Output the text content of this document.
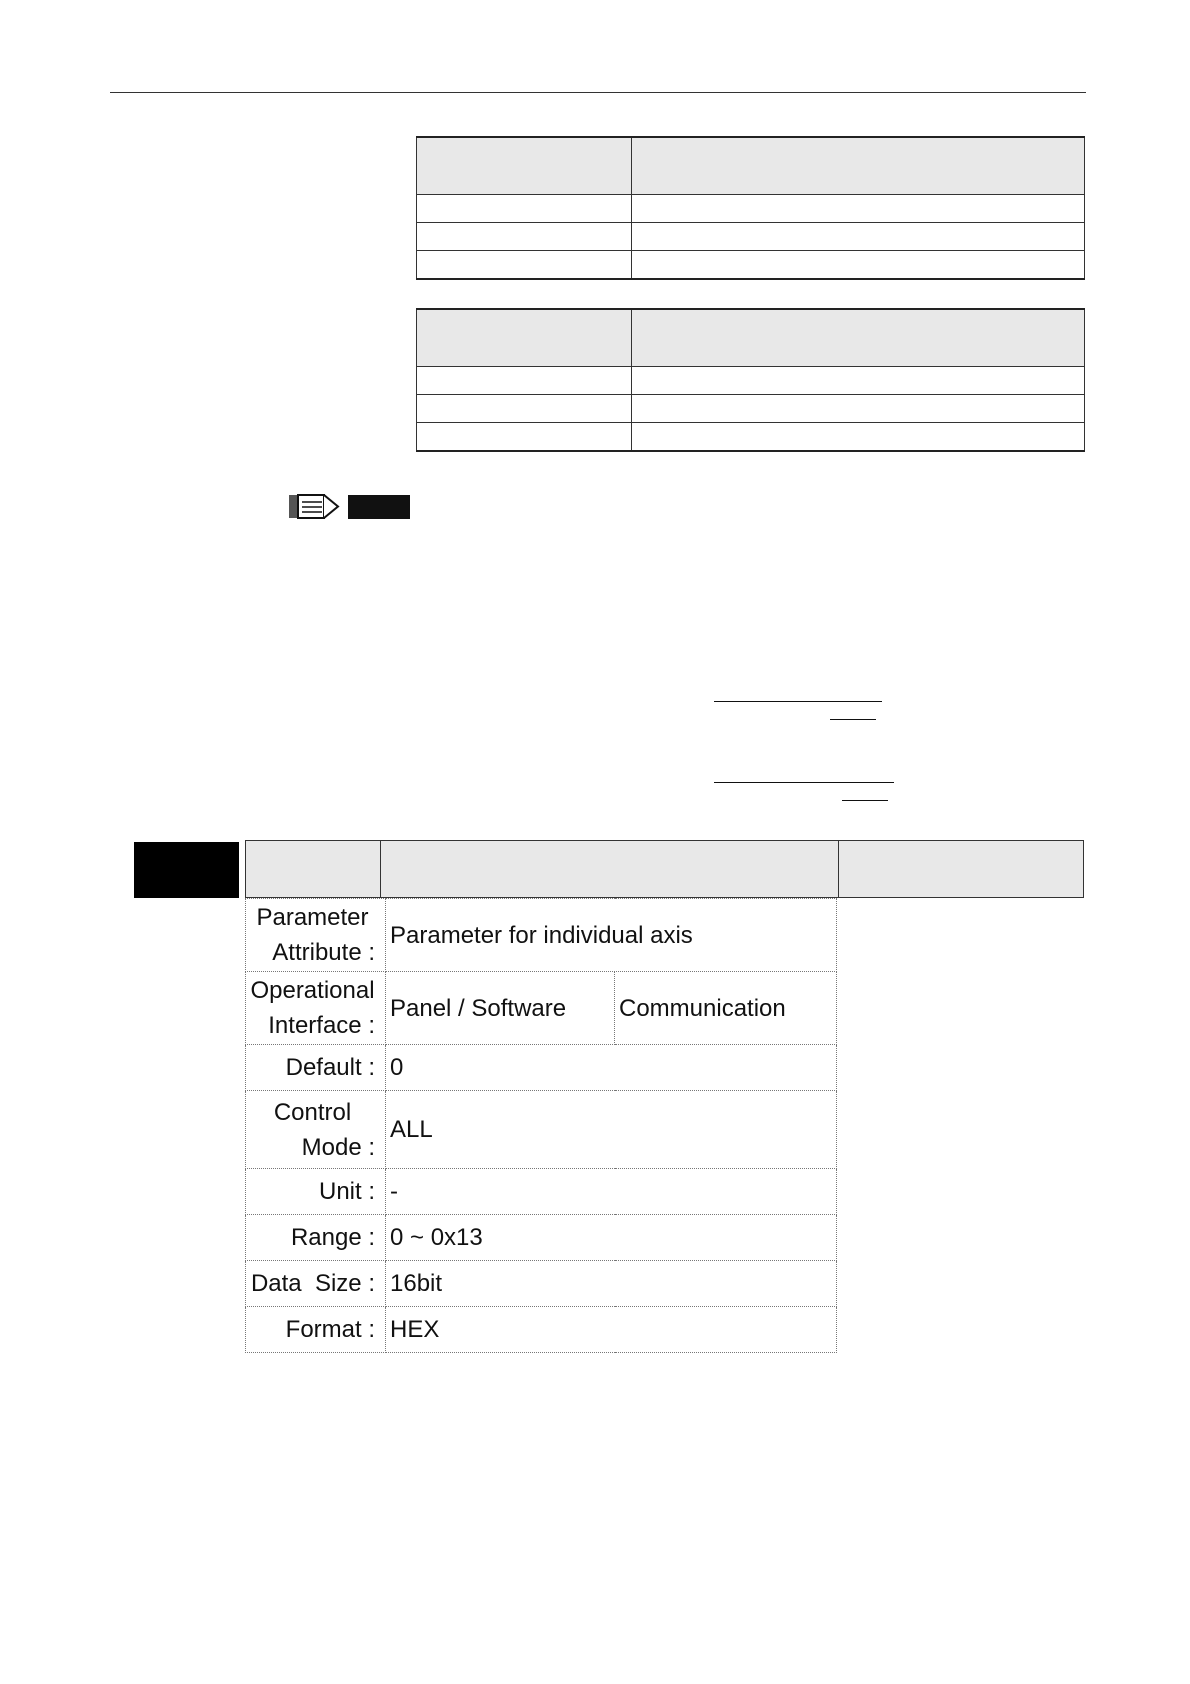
Parameter
Attribute :	Parameter for individual axis	

Operational
Interface :	Panel / Software	Communication
Default :	0	

Control
Mode :	ALL	
Unit :	-	
Range :	0 ~ 0x13	
Data  Size :	16bit	
Format :	HEX	
